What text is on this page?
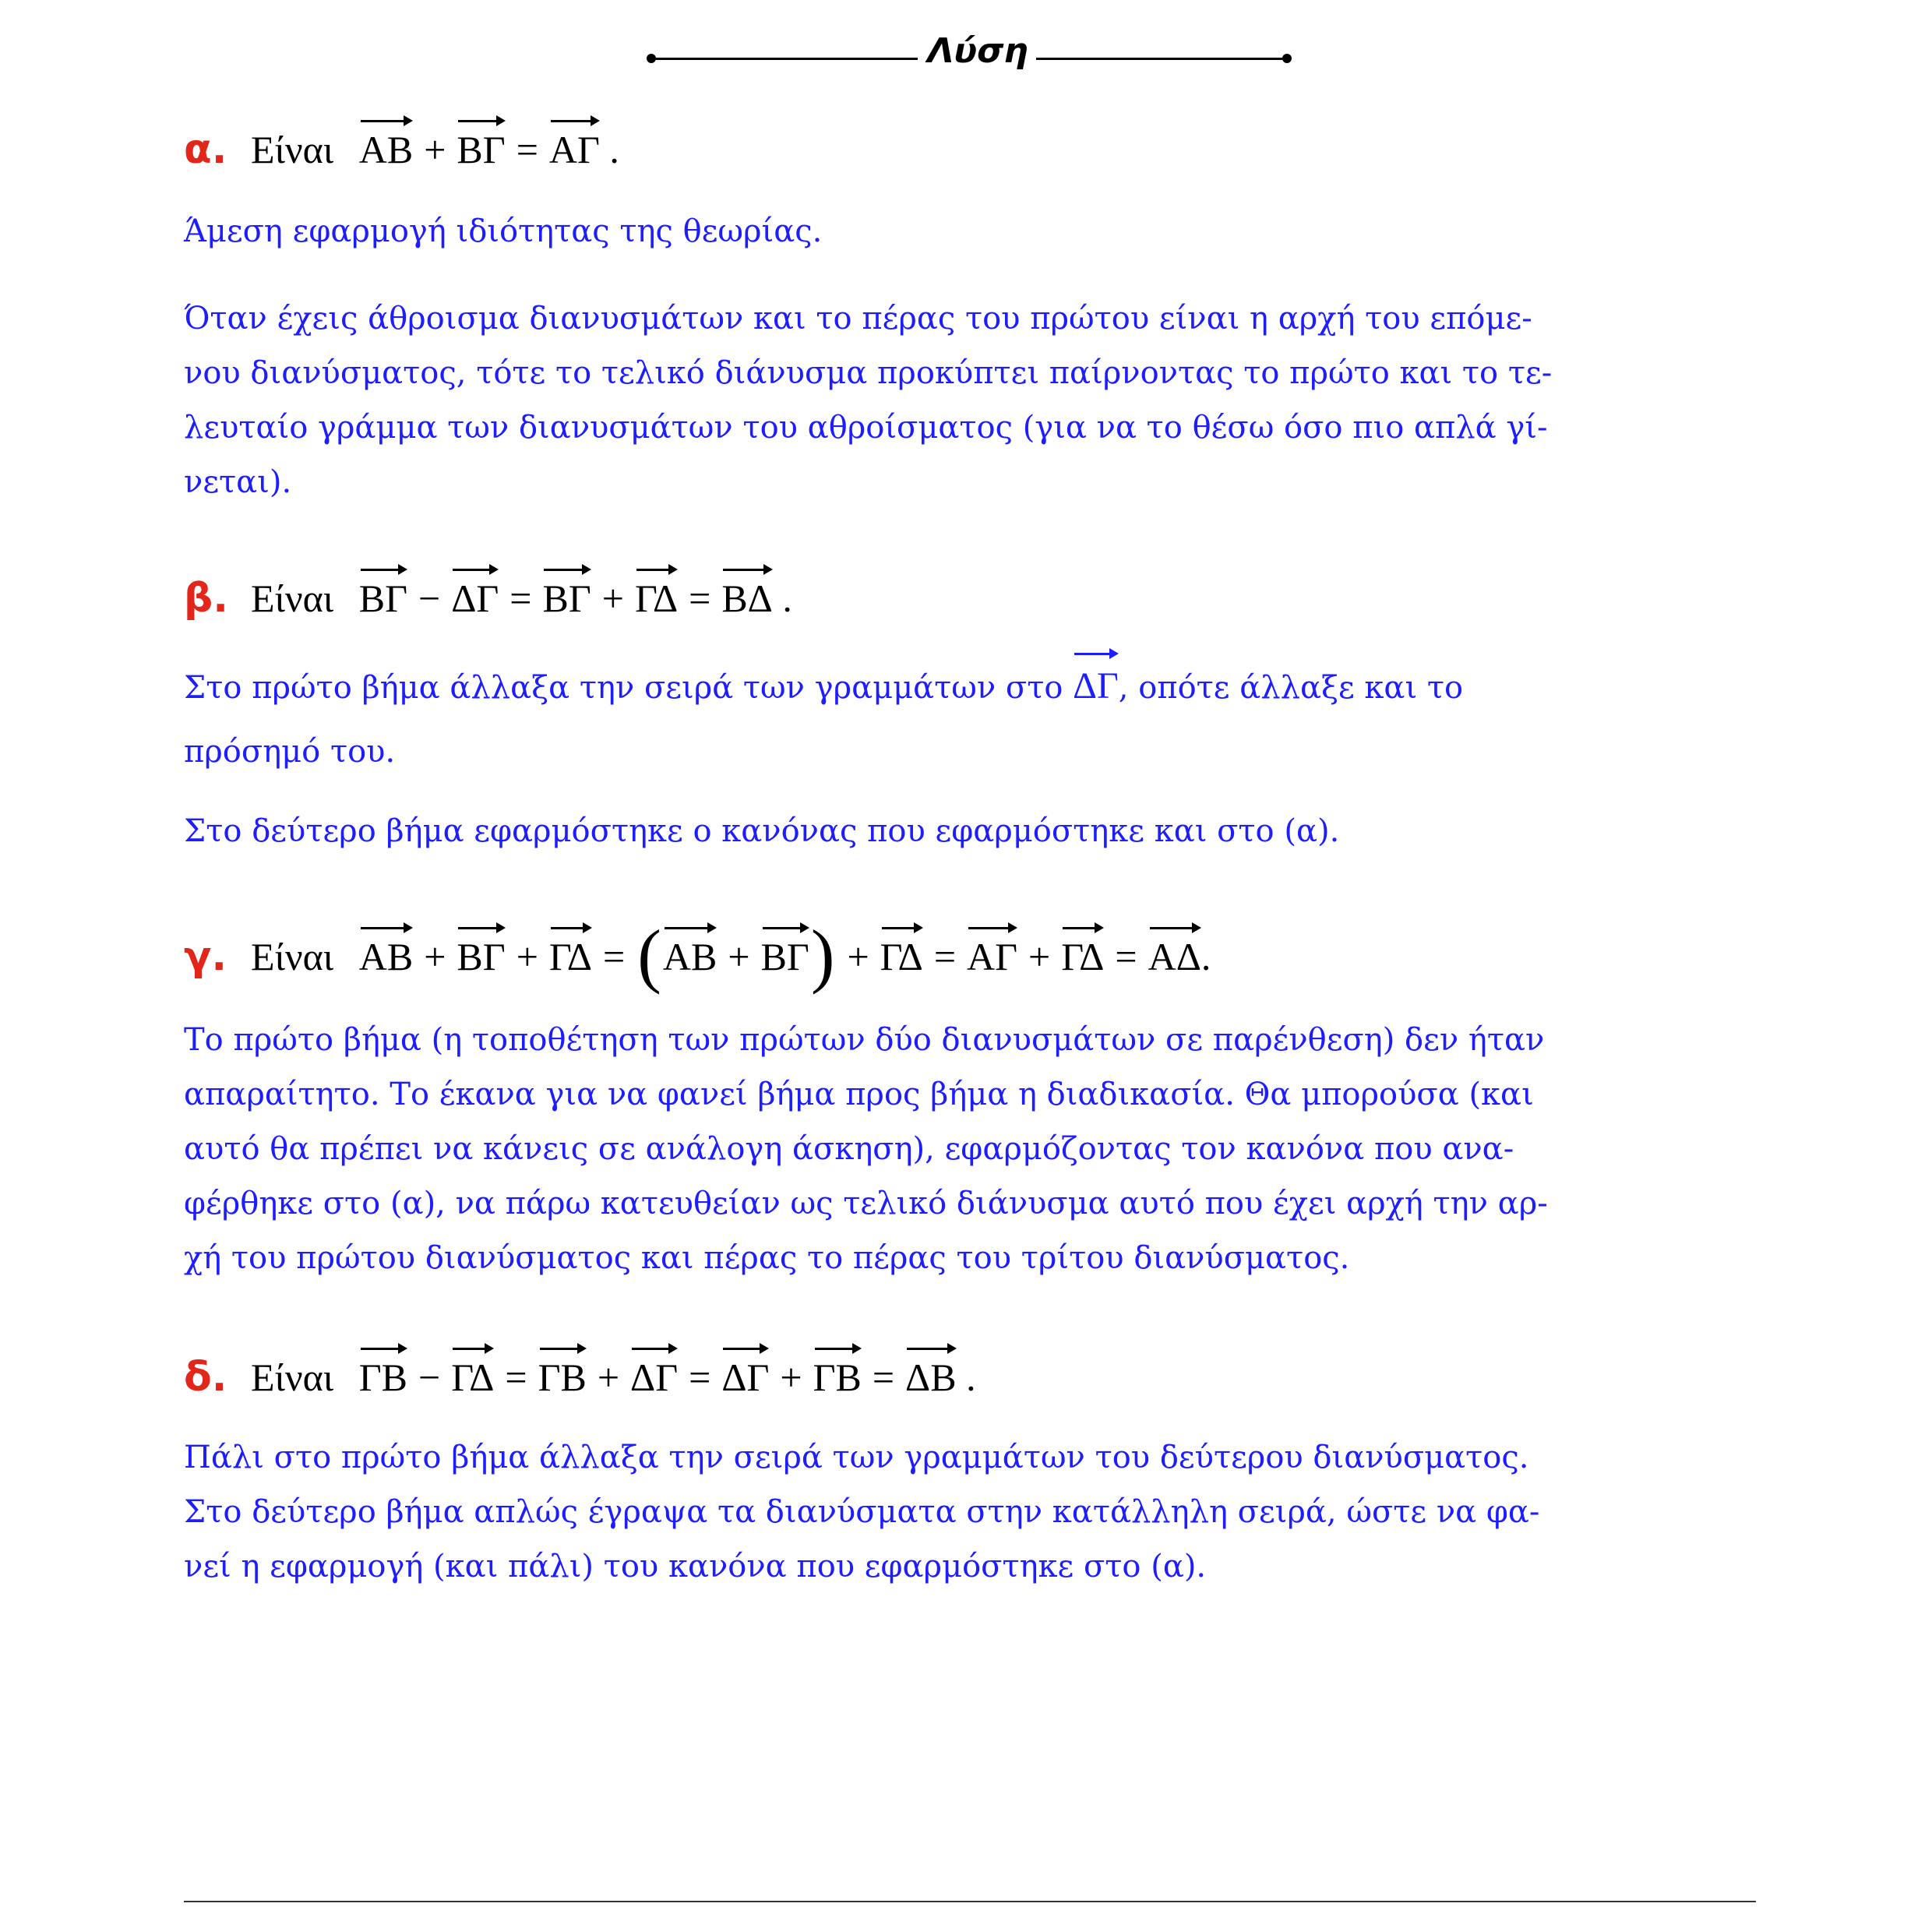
Λύση
α. Είναι AB + ΒΓ = ΑΓ .

Άμεση εφαρμογή ιδιότητας της θεωρίας.

Όταν έχεις άθροισμα διανυσμάτων και το πέρας του πρώτου είναι η αρχή του επόμε-
νου διανύσματος, τότε το τελικό διάνυσμα προκύπτει παίρνοντας το πρώτο και το τε-
λευταίο γράμμα των διανυσμάτων του αθροίσματος (για να το θέσω όσο πιο απλά γί-
νεται).
β. Είναι ΒΓ − ΔΓ = ΒΓ + ΓΔ = ΒΔ .
Στο πρώτο βήμα άλλαξα την σειρά των γραμμάτων στο ΔΓ, οπότε άλλαξε και το
πρόσημό του.

Στο δεύτερο βήμα εφαρμόστηκε ο κανόνας που εφαρμόστηκε και στο (α).

γ. Είναι AB + ΒΓ + ΓΔ = (AB + ΒΓ) + ΓΔ = ΑΓ + ΓΔ = ΑΔ.
Το πρώτο βήμα (η τοποθέτηση των πρώτων δύο διανυσμάτων σε παρένθεση) δεν ήταν
απαραίτητο. Το έκανα για να φανεί βήμα προς βήμα η διαδικασία. Θα μπορούσα (και
αυτό θα πρέπει να κάνεις σε ανάλογη άσκηση), εφαρμόζοντας τον κανόνα που ανα-
φέρθηκε στο (α), να πάρω κατευθείαν ως τελικό διάνυσμα αυτό που έχει αρχή την αρ-
χή του πρώτου διανύσματος και πέρας το πέρας του τρίτου διανύσματος.
δ. Είναι ΓΒ − ΓΔ = ΓΒ + ΔΓ = ΔΓ + ΓΒ = ΔΒ .
Πάλι στο πρώτο βήμα άλλαξα την σειρά των γραμμάτων του δεύτερου διανύσματος.
Στο δεύτερο βήμα απλώς έγραψα τα διανύσματα στην κατάλληλη σειρά, ώστε να φα-
νεί η εφαρμογή (και πάλι) του κανόνα που εφαρμόστηκε στο (α).
